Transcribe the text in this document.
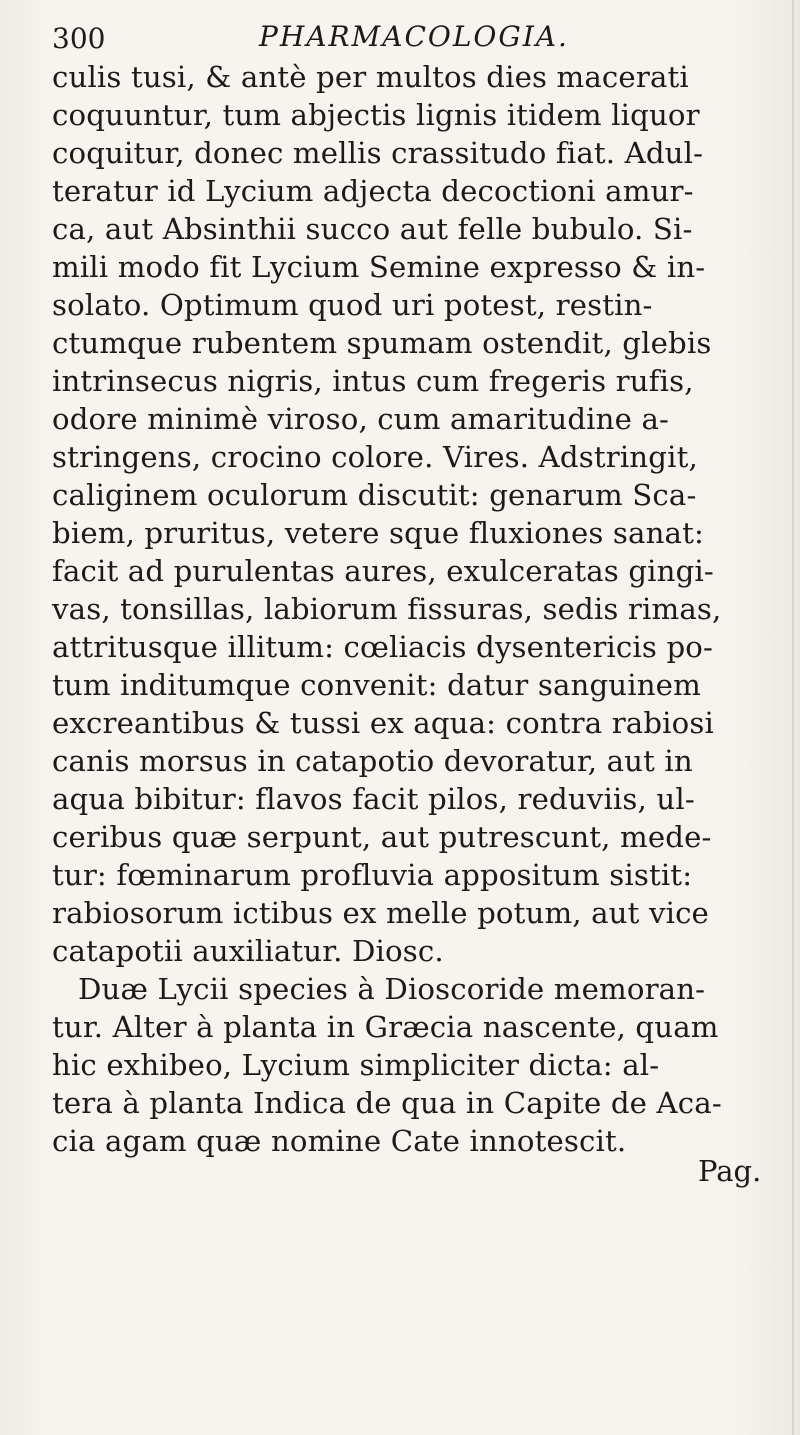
300	PHARMACOLOGIA.
culis tusi, & antè per multos dies macerati
coquuntur, tum abjectis lignis itidem liquor
coquitur, donec mellis crassitudo fiat. Adul-
teratur id Lycium adjecta decoctioni amur-
ca, aut Absinthii succo aut felle bubulo. Si-
mili modo fit Lycium Semine expresso & in-
solato. Optimum quod uri potest, restin-
ctumque rubentem spumam ostendit, glebis
intrinsecus nigris, intus cum fregeris rufis,
odore minimè viroso, cum amaritudine a-
stringens, crocino colore. Vires. Adstringit,
caliginem oculorum discutit: genarum Sca-
biem, pruritus, vetere sque fluxiones sanat:
facit ad purulentas aures, exulceratas gingi-
vas, tonsillas, labiorum fissuras, sedis rimas,
attritusque illitum: cœliacis dysentericis po-
tum inditumque convenit: datur sanguinem
excreantibus & tussi ex aqua: contra rabiosi
canis morsus in catapotio devoratur, aut in
aqua bibitur: flavos facit pilos, reduviis, ul-
ceribus quæ serpunt, aut putrescunt, mede-
tur: fœminarum profluvia appositum sistit:
rabiosorum ictibus ex melle potum, aut vice
catapotii auxiliatur. Diosc.
Duæ Lycii species à Dioscoride memoran-
tur. Alter à planta in Græcia nascente, quam
hic exhibeo, Lycium simpliciter dicta: al-
tera à planta Indica de qua in Capite de Aca-
cia agam quæ nomine Cate innotescit.
Pag.
